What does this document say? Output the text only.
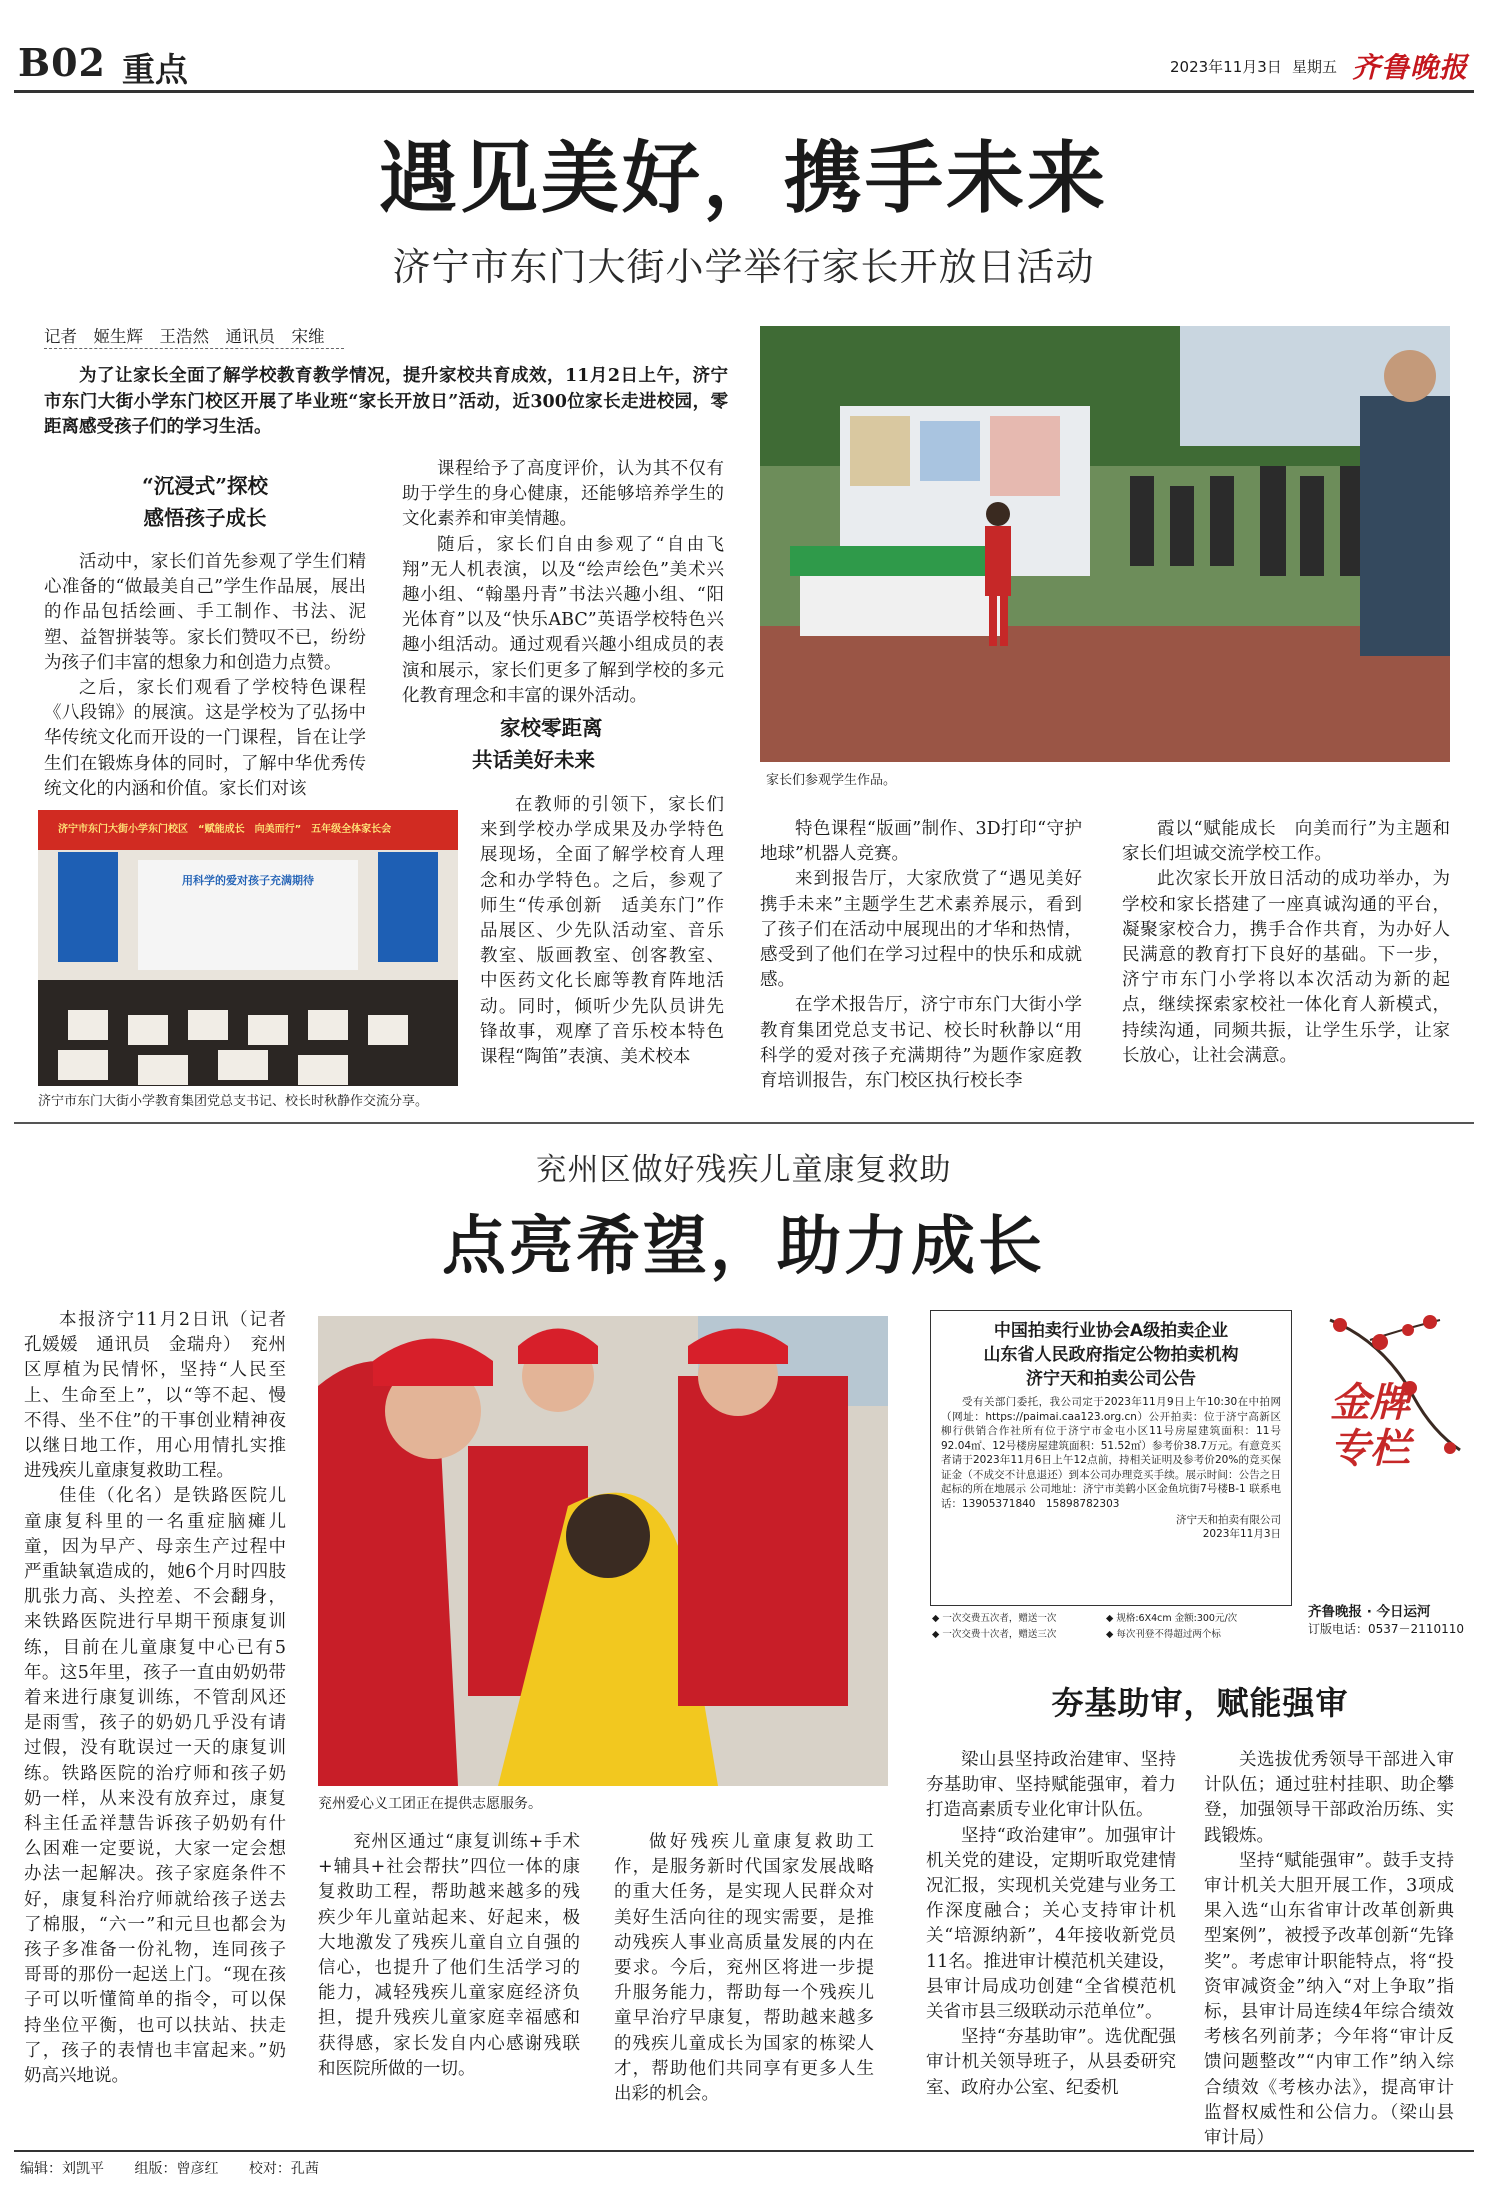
B02 重点	2023年11月3日 星期五 齐鲁晚报
遇见美好，携手未来
济宁市东门大街小学举行家长开放日活动
记者　姬生辉　王浩然　通讯员　宋维
为了让家长全面了解学校教育教学情况，提升家校共育成效，11月2日上午，济宁市东门大街小学东门校区开展了毕业班“家长开放日”活动，近300位家长走进校园，零距离感受孩子们的学习生活。
“沉浸式”探校
感悟孩子成长

活动中，家长们首先参观了学生们精心准备的“做最美自己”学生作品展，展出的作品包括绘画、手工制作、书法、泥塑、益智拼装等。家长们赞叹不已，纷纷为孩子们丰富的想象力和创造力点赞。

之后，家长们观看了学校特色课程《八段锦》的展演。这是学校为了弘扬中华传统文化而开设的一门课程，旨在让学生们在锻炼身体的同时，了解中华优秀传统文化的内涵和价值。家长们对该

课程给予了高度评价，认为其不仅有助于学生的身心健康，还能够培养学生的文化素养和审美情趣。

随后，家长们自由参观了“自由飞翔”无人机表演，以及“绘声绘色”美术兴趣小组、“翰墨丹青”书法兴趣小组、“阳光体育”以及“快乐ABC”英语学校特色兴趣小组活动。通过观看兴趣小组成员的表演和展示，家长们更多了解到学校的多元化教育理念和丰富的课外活动。

家校零距离
共话美好未来

在教师的引领下，家长们来到学校办学成果及办学特色展现场，全面了解学校育人理念和办学特色。之后，参观了师生“传承创新　适美东门”作品展区、少先队活动室、音乐教室、版画教室、创客教室、中医药文化长廊等教育阵地活动。同时，倾听少先队员讲先锋故事，观摩了音乐校本特色课程“陶笛”表演、美术校本

家长们参观学生作品。
济宁市东门大街小学东门校区　“赋能成长　向美而行”　五年级全体家长会
用科学的爱对孩子充满期待
济宁市东门大街小学教育集团党总支书记、校长时秋静作交流分享。

特色课程“版画”制作、3D打印“守护地球”机器人竞赛。

来到报告厅，大家欣赏了“遇见美好　携手未来”主题学生艺术素养展示，看到了孩子们在活动中展现出的才华和热情，感受到了他们在学习过程中的快乐和成就感。

在学术报告厅，济宁市东门大街小学教育集团党总支书记、校长时秋静以“用科学的爱对孩子充满期待”为题作家庭教育培训报告，东门校区执行校长李

霞以“赋能成长　向美而行”为主题和家长们坦诚交流学校工作。

此次家长开放日活动的成功举办，为学校和家长搭建了一座真诚沟通的平台，凝聚家校合力，携手合作共育，为办好人民满意的教育打下良好的基础。下一步，济宁市东门小学将以本次活动为新的起点，继续探索家校社一体化育人新模式，持续沟通，同频共振，让学生乐学，让家长放心，让社会满意。

兖州区做好残疾儿童康复救助
点亮希望，助力成长

本报济宁11月2日讯（记者　孔媛媛　通讯员　金瑞舟）　兖州区厚植为民情怀，坚持“人民至上、生命至上”，以“等不起、慢不得、坐不住”的干事创业精神夜以继日地工作，用心用情扎实推进残疾儿童康复救助工程。

佳佳（化名）是铁路医院儿童康复科里的一名重症脑瘫儿童，因为早产、母亲生产过程中严重缺氧造成的，她6个月时四肢肌张力高、头控差、不会翻身，来铁路医院进行早期干预康复训练，目前在儿童康复中心已有5年。这5年里，孩子一直由奶奶带着来进行康复训练，不管刮风还是雨雪，孩子的奶奶几乎没有请过假，没有耽误过一天的康复训练。铁路医院的治疗师和孩子奶奶一样，从来没有放弃过，康复科主任孟祥慧告诉孩子奶奶有什么困难一定要说，大家一定会想办法一起解决。孩子家庭条件不好，康复科治疗师就给孩子送去了棉服，“六一”和元旦也都会为孩子多准备一份礼物，连同孩子哥哥的那份一起送上门。“现在孩子可以听懂简单的指令，可以保持坐位平衡，也可以扶站、扶走了，孩子的表情也丰富起来。”奶奶高兴地说。

兖州爱心义工团正在提供志愿服务。

兖州区通过“康复训练+手术+辅具+社会帮扶”四位一体的康复救助工程，帮助越来越多的残疾少年儿童站起来、好起来，极大地激发了残疾儿童自立自强的信心，也提升了他们生活学习的能力，减轻残疾儿童家庭经济负担，提升残疾儿童家庭幸福感和获得感，家长发自内心感谢残联和医院所做的一切。

做好残疾儿童康复救助工作，是服务新时代国家发展战略的重大任务，是实现人民群众对美好生活向往的现实需要，是推动残疾人事业高质量发展的内在要求。今后，兖州区将进一步提升服务能力，帮助每一个残疾儿童早治疗早康复，帮助越来越多的残疾儿童成长为国家的栋梁人才，帮助他们共同享有更多人生出彩的机会。

中国拍卖行业协会A级拍卖企业
山东省人民政府指定公物拍卖机构
济宁天和拍卖公司公告
受有关部门委托，我公司定于2023年11月9日上午10:30在中拍网（网址：https://paimai.caa123.org.cn）公开拍卖：位于济宁高新区柳行供销合作社所有位于济宁市金屯小区11号房屋建筑面积：11号92.04㎡、12号楼房屋建筑面积：51.52㎡）参考价38.7万元。有意竞买者请于2023年11月6日上午12点前，持相关证明及参考价20%的竞买保证金（不成交不计息退还）到本公司办理竞买手续。展示时间：公告之日起标的所在地展示 公司地址：济宁市美鹤小区金鱼坑街7号楼B-1 联系电话：13905371840　15898782303
济宁天和拍卖有限公司
2023年11月3日
◆ 一次交费五次者，赠送一次	◆ 规格:6X4cm 金额:300元/次
◆ 一次交费十次者，赠送三次	◆ 每次刊登不得超过两个标
金牌专栏
齐鲁晚报 · 今日运河
订版电话：0537－2110110
夯基助审，赋能强审

梁山县坚持政治建审、坚持夯基助审、坚持赋能强审，着力打造高素质专业化审计队伍。

坚持“政治建审”。加强审计机关党的建设，定期听取党建情况汇报，实现机关党建与业务工作深度融合；关心支持审计机关“培源纳新”，4年接收新党员11名。推进审计模范机关建设，县审计局成功创建“全省模范机关省市县三级联动示范单位”。

坚持“夯基助审”。选优配强审计机关领导班子，从县委研究室、政府办公室、纪委机

关选拔优秀领导干部进入审计队伍；通过驻村挂职、助企攀登，加强领导干部政治历练、实践锻炼。

坚持“赋能强审”。鼓手支持审计机关大胆开展工作，3项成果入选“山东省审计改革创新典型案例”，被授予改革创新“先锋奖”。考虑审计职能特点，将“投资审减资金”纳入“对上争取”指标，县审计局连续4年综合绩效考核名列前茅；今年将“审计反馈问题整改”“内审工作”纳入综合绩效《考核办法》，提高审计监督权威性和公信力。（梁山县审计局）

编辑：刘凯平 组版：曾彦红 校对：孔茜
